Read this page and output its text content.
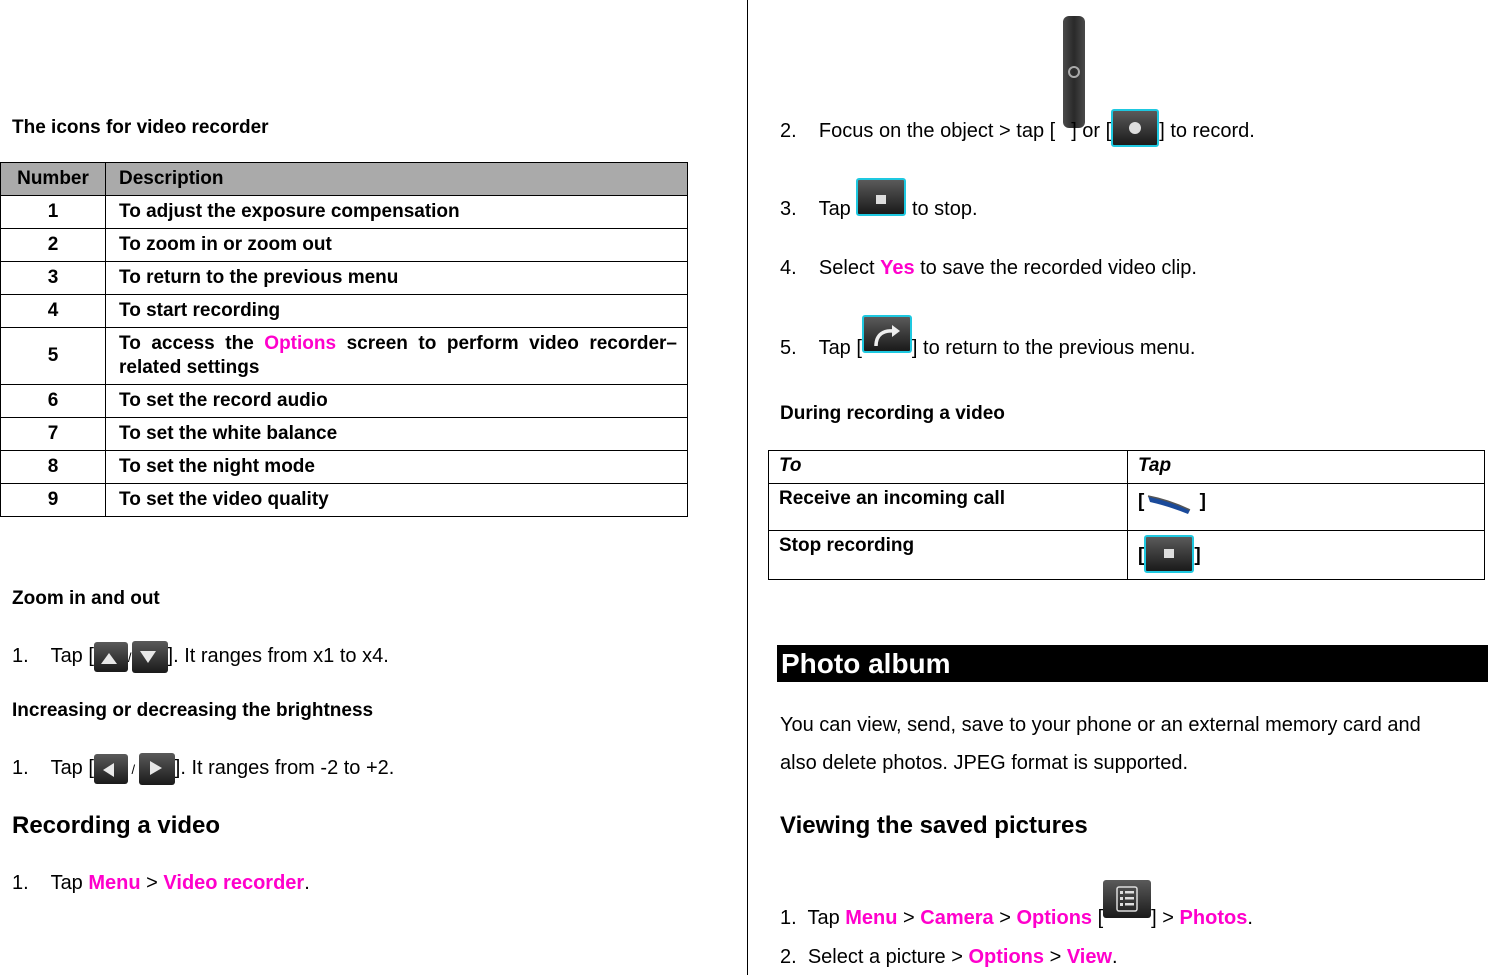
The icons for video recorder
Number	Description
1	To adjust the exposure compensation
2	To zoom in or zoom out
3	To return to the previous menu
4	To start recording
5	To access the Options screen to perform video recorder–related settings
6	To set the record audio
7	To set the white balance
8	To set the night mode
9	To set the video quality
Zoom in and out
1. Tap [	/ ]. It ranges from x1 to x4.
Increasing or decreasing the brightness
1. Tap [	/ ]. It ranges from -2 to +2.
Recording a video
1. Tap Menu > Video recorder.
2. Focus on the object > tap [ ] or [ ] to record.
3. Tap	to stop.
4. Select Yes to save the recorded video clip.
5. Tap [	] to return to the previous menu.
During recording a video
To	Tap
Receive an incoming call	[ ]
Stop recording	[ ]
Photo album
You can view, send, save to your phone or an external memory card and
also delete photos. JPEG format is supported.
Viewing the saved pictures
1. Tap Menu > Camera > Options [ ] > Photos.
2. Select a picture > Options > View.
